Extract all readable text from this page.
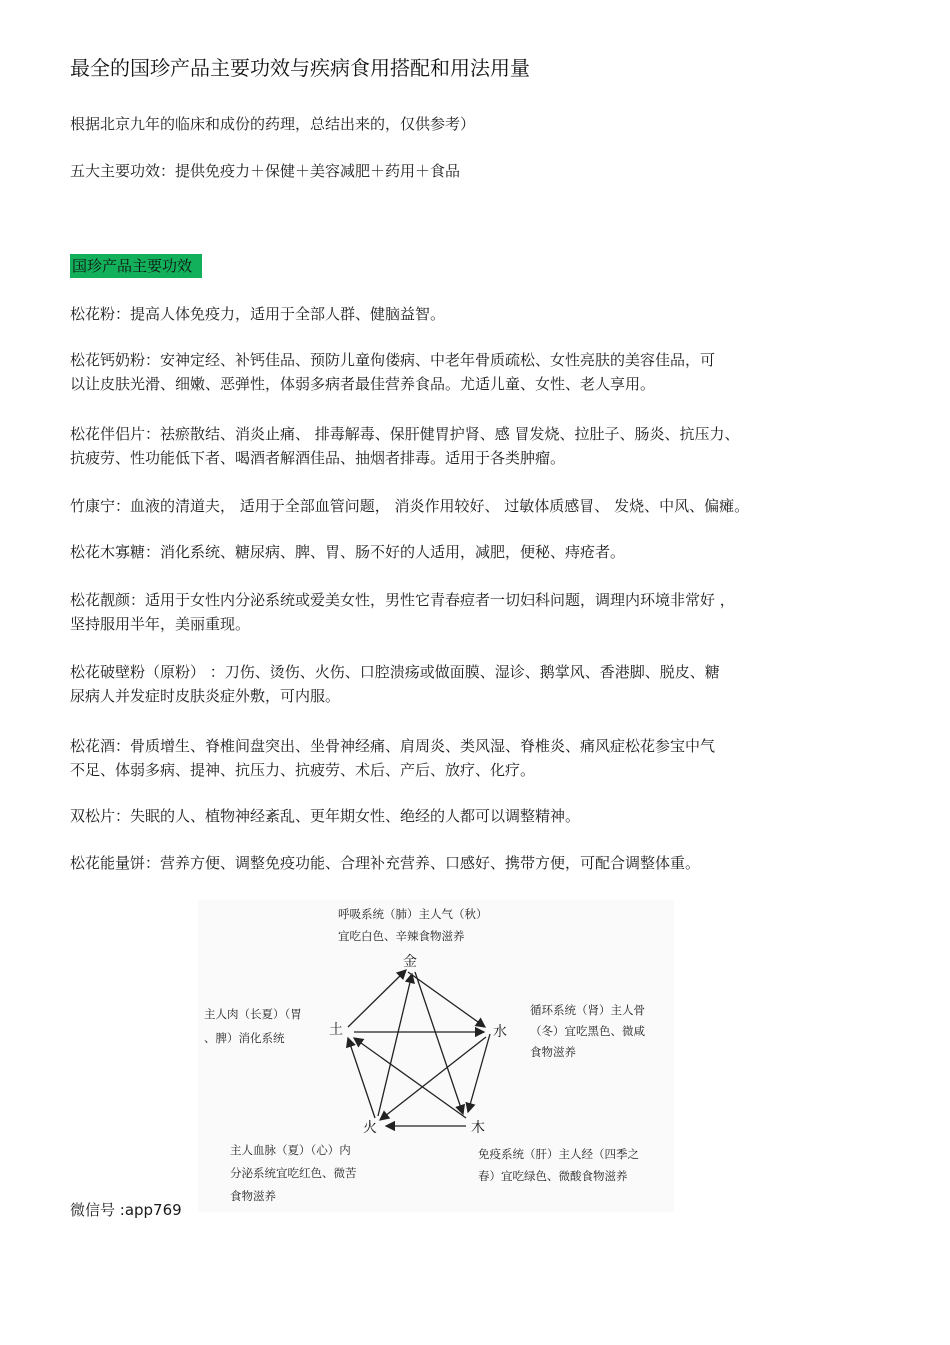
最全的国珍产品主要功效与疾病食用搭配和用法用量
根据北京九年的临床和成份的药理，总结出来的，仅供参考）
五大主要功效：提供免疫力＋保健＋美容减肥＋药用＋食品
国珍产品主要功效
松花粉：提高人体免疫力，适用于全部人群、健脑益智。
松花钙奶粉：安神定经、补钙佳品、预防儿童佝偻病、中老年骨质疏松、女性亮肤的美容佳品，可
以让皮肤光滑、细嫩、恶弹性，体弱多病者最佳营养食品。尤适儿童、女性、老人享用。
松花伴侣片：祛瘀散结、消炎止痛、 排毒解毒、保肝健胃护肾、感 冒发烧、拉肚子、肠炎、抗压力、
抗疲劳、性功能低下者、喝酒者解酒佳品、抽烟者排毒。适用于各类肿瘤。
竹康宁：血液的清道夫， 适用于全部血管问题， 消炎作用较好、 过敏体质感冒、 发烧、中风、偏瘫。
松花木寡糖：消化系统、糖尿病、脾、胃、肠不好的人适用，减肥，便秘、痔疮者。
松花靓颜：适用于女性内分泌系统或爱美女性，男性它青春痘者一切妇科问题，调理内环境非常好 ，
坚持服用半年，美丽重现。
松花破壁粉（原粉） ：刀伤、烫伤、火伤、口腔溃疡或做面膜、湿诊、鹅掌风、香港脚、脱皮、糖
尿病人并发症时皮肤炎症外敷，可内服。
松花酒：骨质增生、脊椎间盘突出、坐骨神经痛、肩周炎、类风湿、脊椎炎、痛风症松花参宝中气
不足、体弱多病、提神、抗压力、抗疲劳、术后、产后、放疗、化疗。
双松片：失眠的人、植物神经紊乱、更年期女性、绝经的人都可以调整精神。
松花能量饼：营养方便、调整免疫功能、合理补充营养、口感好、携带方便，可配合调整体重。
金
水
木
火
土
呼吸系统（肺）主人气（秋）
宜吃白色、辛辣食物滋养
循环系统（肾）主人骨
（冬）宜吃黑色、微咸
食物滋养
免疫系统（肝）主人经（四季之
春）宜吃绿色、微酸食物滋养
主人血脉（夏）（心）内
分泌系统宜吃红色、微苦
食物滋养
主人肉（长夏）（胃
、脾）消化系统
微信号 :app769
